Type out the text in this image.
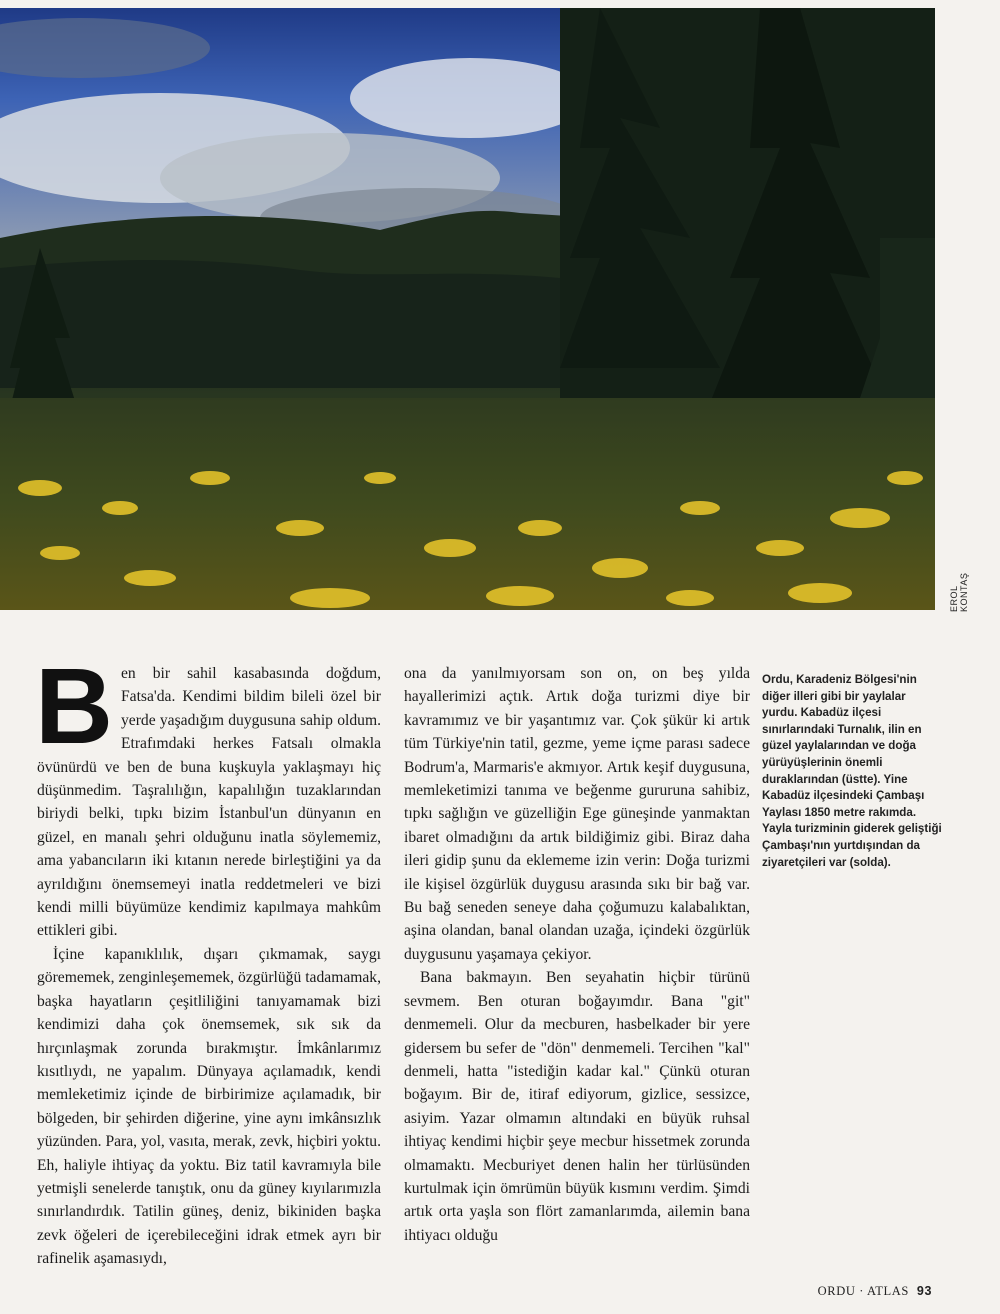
EROL KONTAŞ
B en bir sahil kasabasında doğdum, Fatsa'da. Kendimi bildim bileli özel bir yerde yaşadığım duygusuna sahip oldum. Etrafımdaki herkes Fatsalı olmakla övünürdü ve ben de buna kuşkuyla yaklaşmayı hiç düşünmedim. Taşralılığın, kapalılığın tuzaklarından biriydi belki, tıpkı bizim İstanbul'un dünyanın en güzel, en manalı şehri olduğunu inatla söylememiz, ama yabancıların iki kıtanın nerede birleştiğini ya da ayrıldığını önemsemeyi inatla reddetmeleri ve bizi kendi milli büyümüze kendimiz kapılmaya mahkûm ettikleri gibi.

İçine kapanıklılık, dışarı çıkmamak, saygı görememek, zenginleşememek, özgürlüğü tadamamak, başka hayatların çeşitliliğini tanıyamamak bizi kendimizi daha çok önemsemek, sık sık da hırçınlaşmak zorunda bırakmıştır. İmkânlarımız kısıtlıydı, ne yapalım. Dünyaya açılamadık, kendi memleketimiz içinde de birbirimize açılamadık, bir bölgeden, bir şehirden diğerine, yine aynı imkânsızlık yüzünden. Para, yol, vasıta, merak, zevk, hiçbiri yoktu. Eh, haliyle ihtiyaç da yoktu. Biz tatil kavramıyla bile yetmişli senelerde tanıştık, onu da güney kıyılarımızla sınırlandırdık. Tatilin güneş, deniz, bikiniden başka zevk öğeleri de içerebileceğini idrak etmek ayrı bir rafinelik aşamasıydı,

ona da yanılmıyorsam son on, on beş yılda hayallerimizi açtık. Artık doğa turizmi diye bir kavramımız ve bir yaşantımız var. Çok şükür ki artık tüm Türkiye'nin tatil, gezme, yeme içme parası sadece Bodrum'a, Marmaris'e akmıyor. Artık keşif duygusuna, memleketimizi tanıma ve beğenme gururuna sahibiz, tıpkı sağlığın ve güzelliğin Ege güneşinde yanmaktan ibaret olmadığını da artık bildiğimiz gibi. Biraz daha ileri gidip şunu da eklememe izin verin: Doğa turizmi ile kişisel özgürlük duygusu arasında sıkı bir bağ var. Bu bağ seneden seneye daha çoğumuzu kalabalıktan, aşina olandan, banal olandan uzağa, içindeki özgürlük duygusunu yaşamaya çekiyor.

Bana bakmayın. Ben seyahatin hiçbir türünü sevmem. Ben oturan boğayımdır. Bana "git" denmemeli. Olur da mecburen, hasbelkader bir yere gidersem bu sefer de "dön" denmemeli. Tercihen "kal" denmeli, hatta "istediğin kadar kal." Çünkü oturan boğayım. Bir de, itiraf ediyorum, gizlice, sessizce, asiyim. Yazar olmamın altındaki en büyük ruhsal ihtiyaç kendimi hiçbir şeye mecbur hissetmek zorunda olmamaktı. Mecburiyet denen halin her türlüsünden kurtulmak için ömrümün büyük kısmını verdim. Şimdi artık orta yaşla son flört zamanlarımda, ailemin bana ihtiyacı olduğu

Ordu, Karadeniz Bölgesi'nin diğer illeri gibi bir yaylalar yurdu. Kabadüz ilçesi sınırlarındaki Turnalık, ilin en güzel yaylalarından ve doğa yürüyüşlerinin önemli duraklarından (üstte). Yine Kabadüz ilçesindeki Çambaşı Yaylası 1850 metre rakımda. Yayla turizminin giderek geliştiği Çambaşı'nın yurtdışından da ziyaretçileri var (solda).
ORDU · ATLAS 93
